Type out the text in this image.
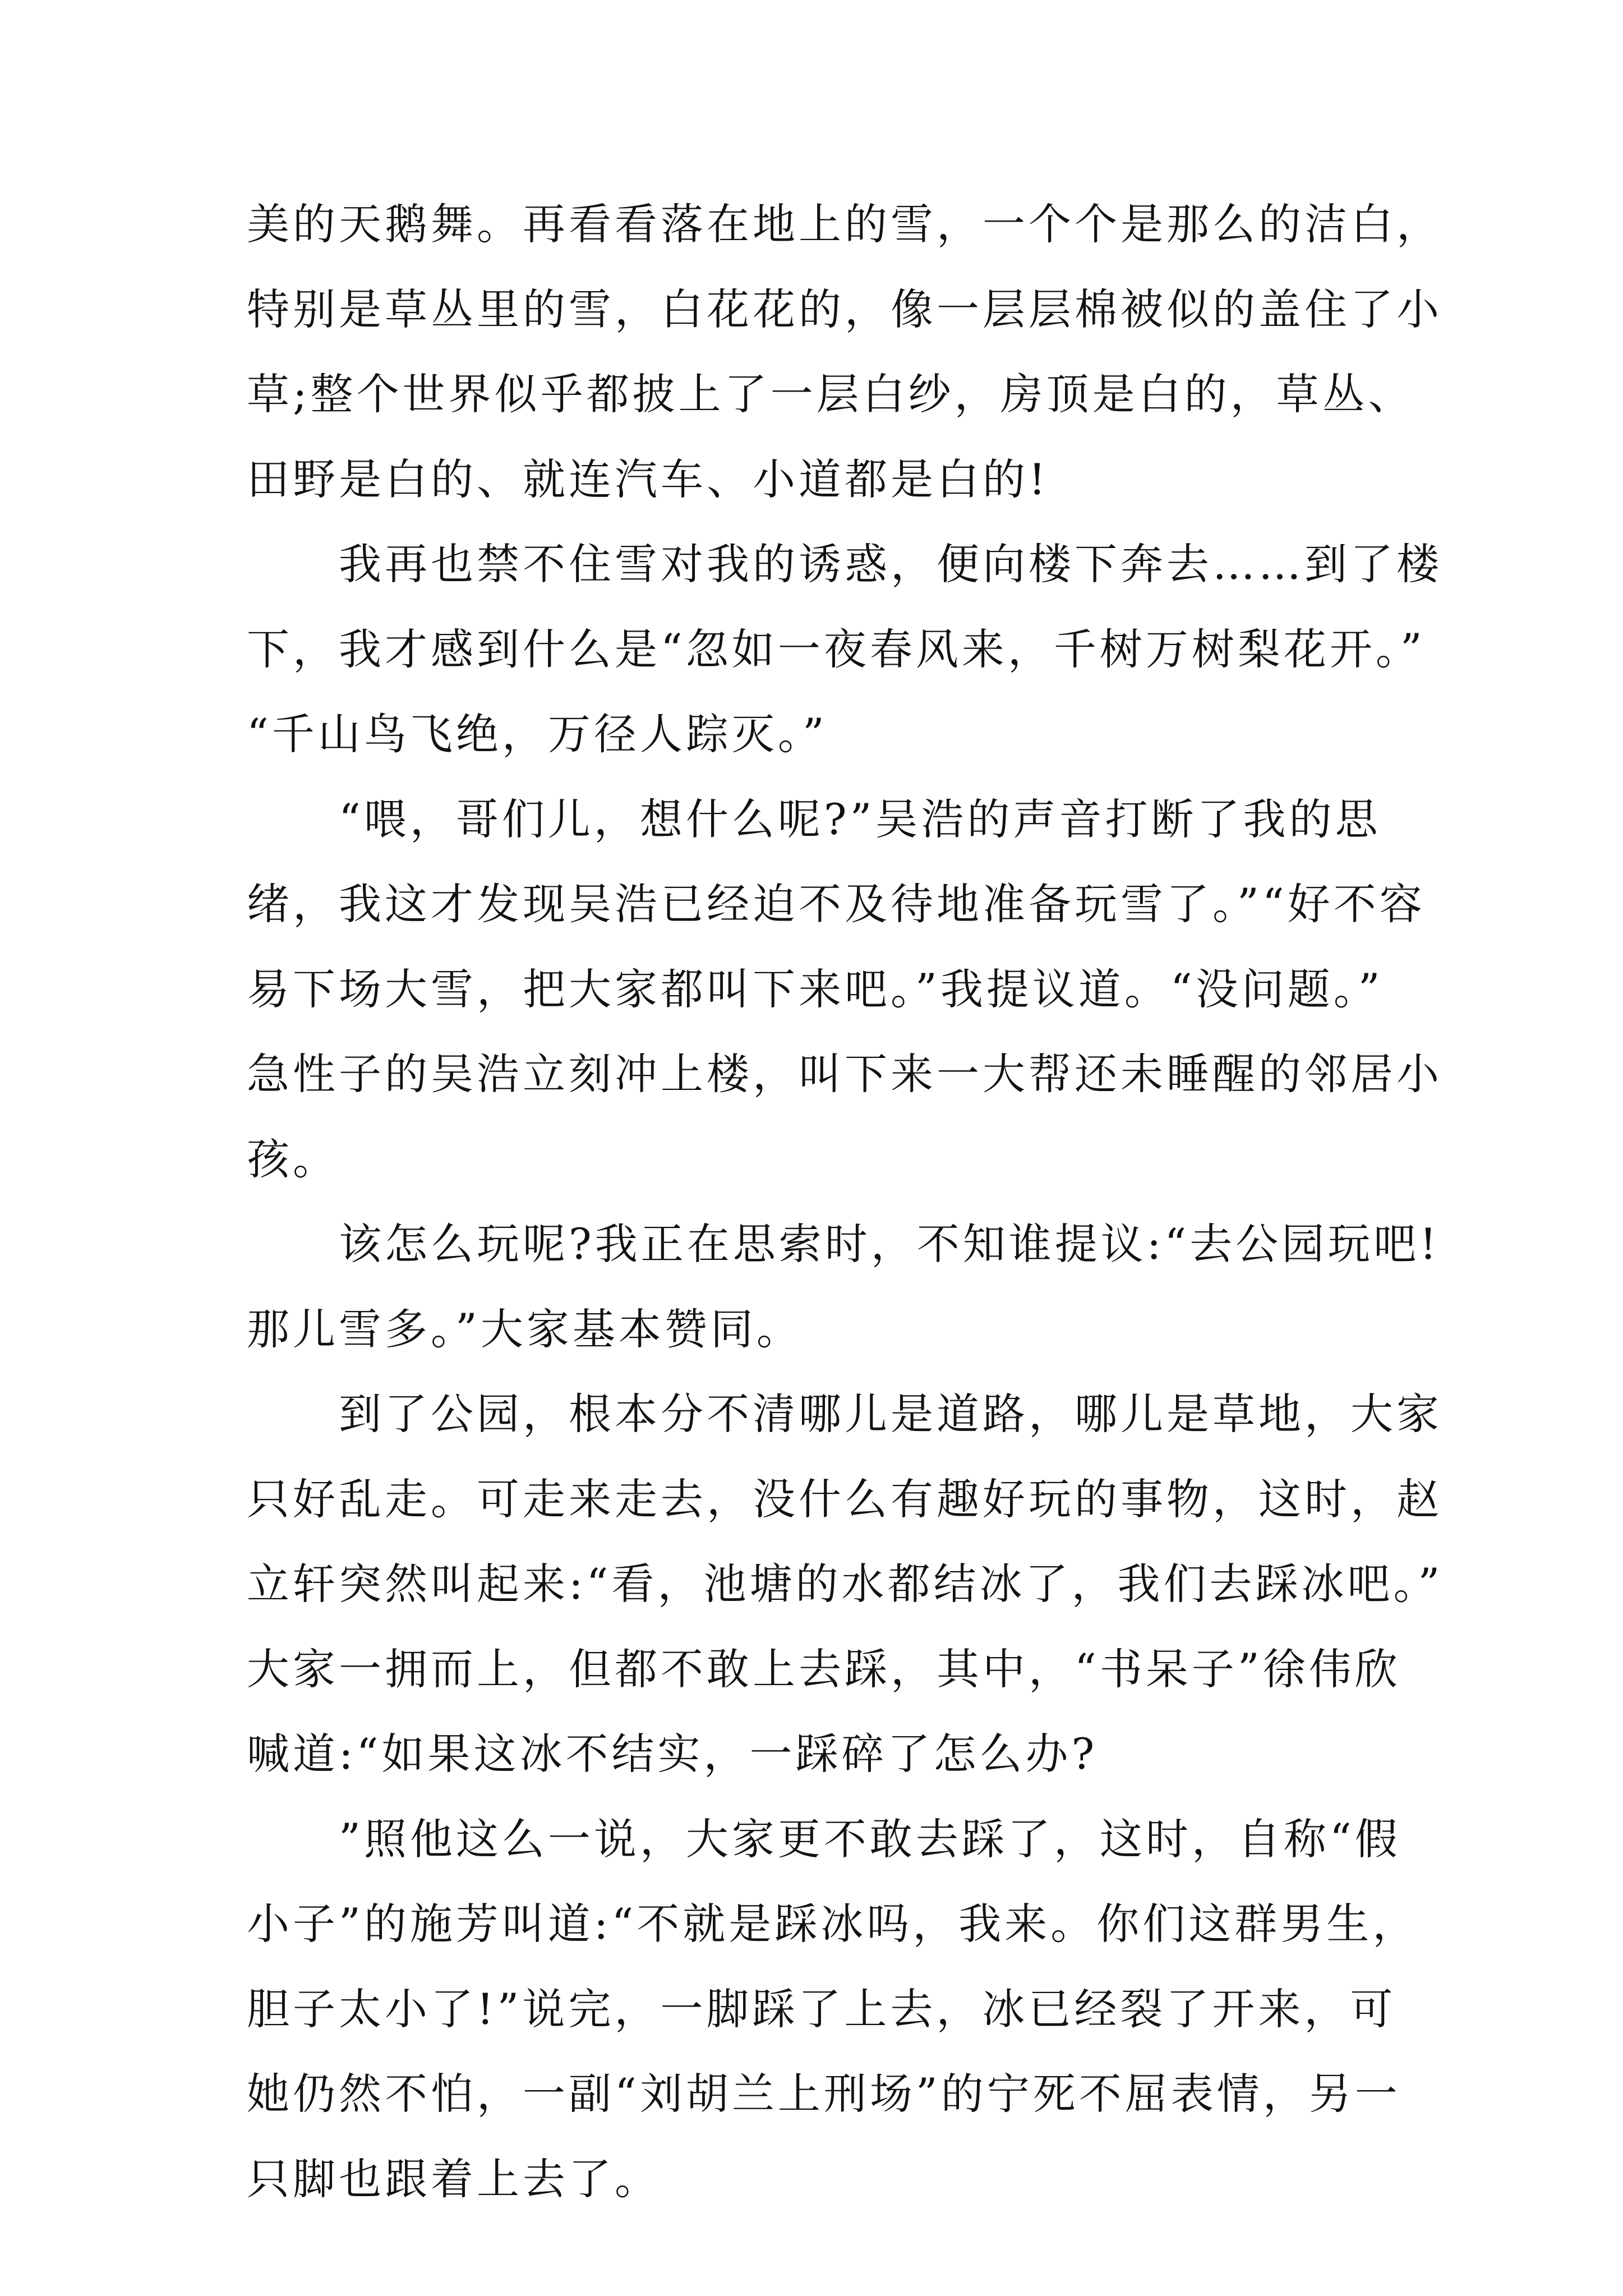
美的天鹅舞。再看看落在地上的雪，一个个是那么的洁白，
特别是草丛里的雪，白花花的，像一层层棉被似的盖住了小
草;整个世界似乎都披上了一层白纱，房顶是白的，草丛、
田野是白的、就连汽车、小道都是白的!
　　我再也禁不住雪对我的诱惑，便向楼下奔去……到了楼
下，我才感到什么是“忽如一夜春风来，千树万树梨花开。”
“千山鸟飞绝，万径人踪灭。”
　　“喂，哥们儿，想什么呢?”吴浩的声音打断了我的思
绪，我这才发现吴浩已经迫不及待地准备玩雪了。”“好不容
易下场大雪，把大家都叫下来吧。”我提议道。“没问题。”
急性子的吴浩立刻冲上楼，叫下来一大帮还未睡醒的邻居小
孩。
　　该怎么玩呢?我正在思索时，不知谁提议:“去公园玩吧!
那儿雪多。”大家基本赞同。
　　到了公园，根本分不清哪儿是道路，哪儿是草地，大家
只好乱走。可走来走去，没什么有趣好玩的事物，这时，赵
立轩突然叫起来:“看，池塘的水都结冰了，我们去踩冰吧。”
大家一拥而上，但都不敢上去踩，其中，“书呆子”徐伟欣
喊道:“如果这冰不结实，一踩碎了怎么办?
　　”照他这么一说，大家更不敢去踩了，这时，自称“假
小子”的施芳叫道:“不就是踩冰吗，我来。你们这群男生，
胆子太小了!”说完，一脚踩了上去，冰已经裂了开来，可
她仍然不怕，一副“刘胡兰上刑场”的宁死不屈表情，另一
只脚也跟着上去了。
